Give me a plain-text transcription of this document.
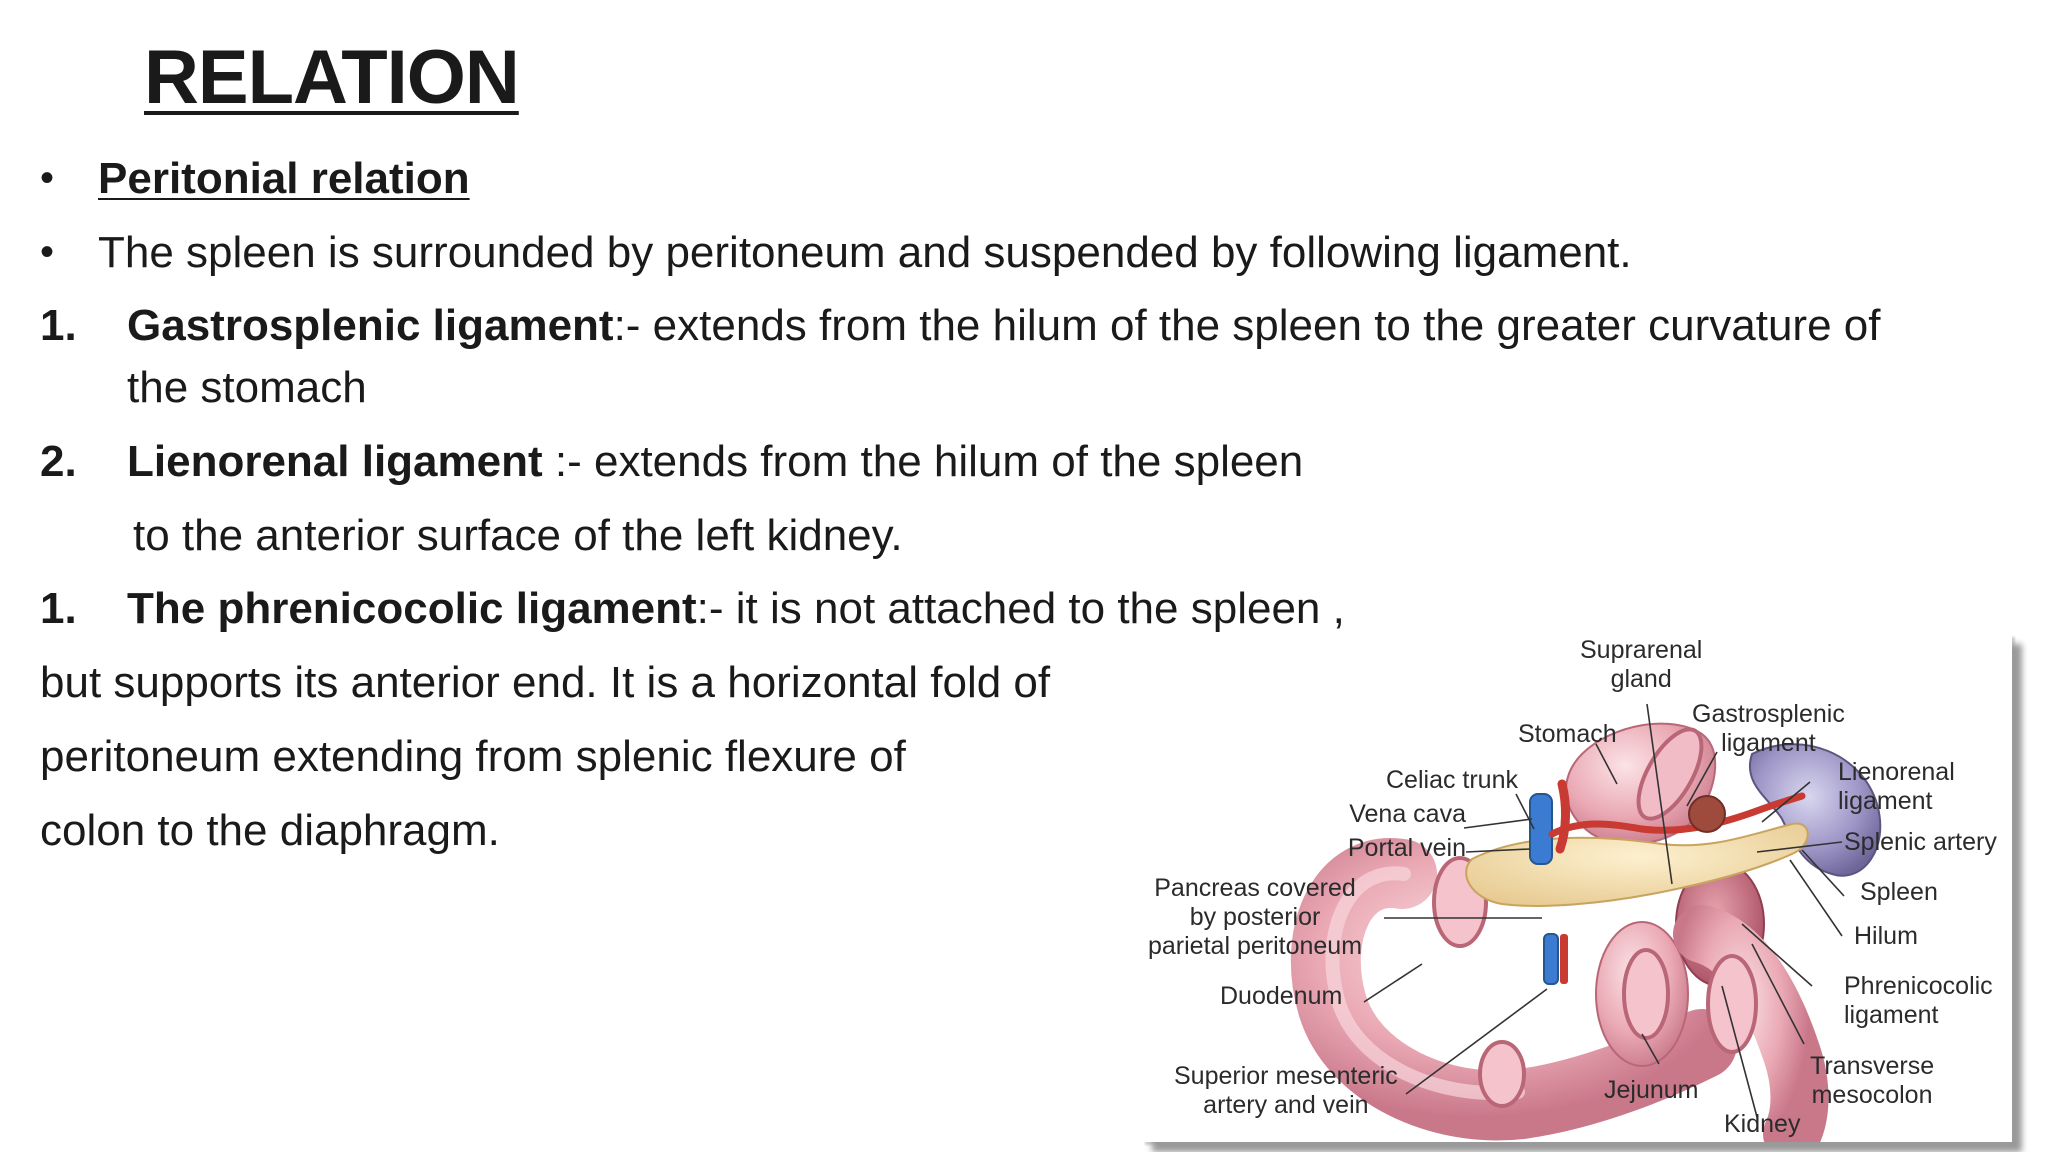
RELATION
• Peritonial relation
• The spleen is surrounded by peritoneum and suspended by following ligament.
1. Gastrosplenic ligament:- extends from the hilum of the spleen to the greater curvature of
the stomach
2. Lienorenal ligament :- extends from the hilum of the spleen
to the anterior surface of the left kidney.
1. The phrenicocolic ligament:- it is not attached to the spleen ,
but supports its anterior end. It is a horizontal fold of
peritoneum extending from splenic flexure of
colon to the diaphragm.
Suprarenal
gland
Stomach
Gastrosplenic
ligament
Celiac trunk	Lienorenal
ligament
Vena cava
Portal vein	Splenic artery
Pancreas covered
by posterior
parietal peritoneum
Spleen
Hilum
Duodenum	Phrenicocolic
ligament
Transverse
mesocolon
Superior mesenteric
artery and vein
Jejunum
Kidney
